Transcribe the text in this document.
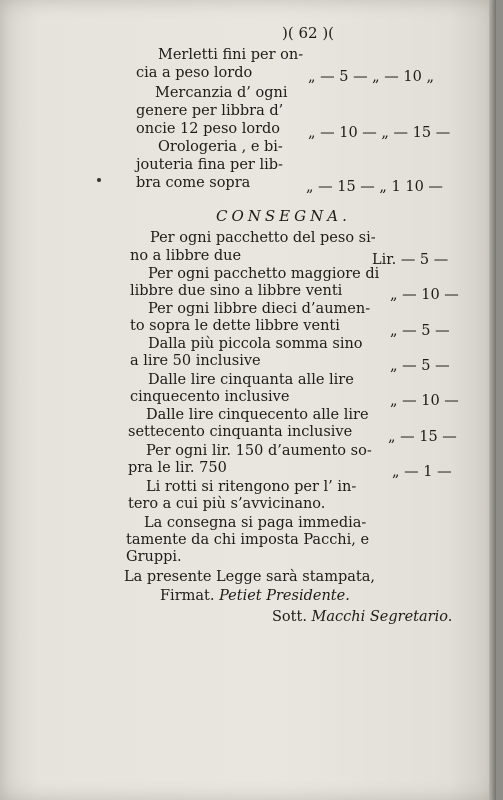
)( 62 )(
Merletti fini per on-
cia a peso lordo	„ — 5 — „ — 10 „
Mercanzia d’ ogni
genere per libbra d’
oncie 12 peso lordo „ — 10 — „ — 15 —
Orologeria , e bi-
jouteria fina per lib-
bra come sopra	„ — 15 — „ 1 10 —
CONSEGNA.
Per ogni pacchetto del peso si-
no a libbre due	Lir. — 5 —
Per ogni pacchetto maggiore di
libbre due sino a libbre venti	„ — 10 —
Per ogni libbre dieci d’aumen-
to sopra le dette libbre venti	„ — 5 —
Dalla più piccola somma sino
a lire 50 inclusive	„ — 5 —
Dalle lire cinquanta alle lire
cinquecento inclusive	„ — 10 —
Dalle lire cinquecento alle lire
settecento cinquanta inclusive „ — 15 —
Per ogni lir. 150 d’aumento so-
pra le lir. 750	„ — 1 —
Li rotti si ritengono per l’ in-
tero a cui più s’avvicinano.
La consegna si paga immedia-
tamente da chi imposta Pacchi, e
Gruppi.
La presente Legge sarà stampata,
Firmat. Petiet Presidente.
Sott. Macchi Segretario.
